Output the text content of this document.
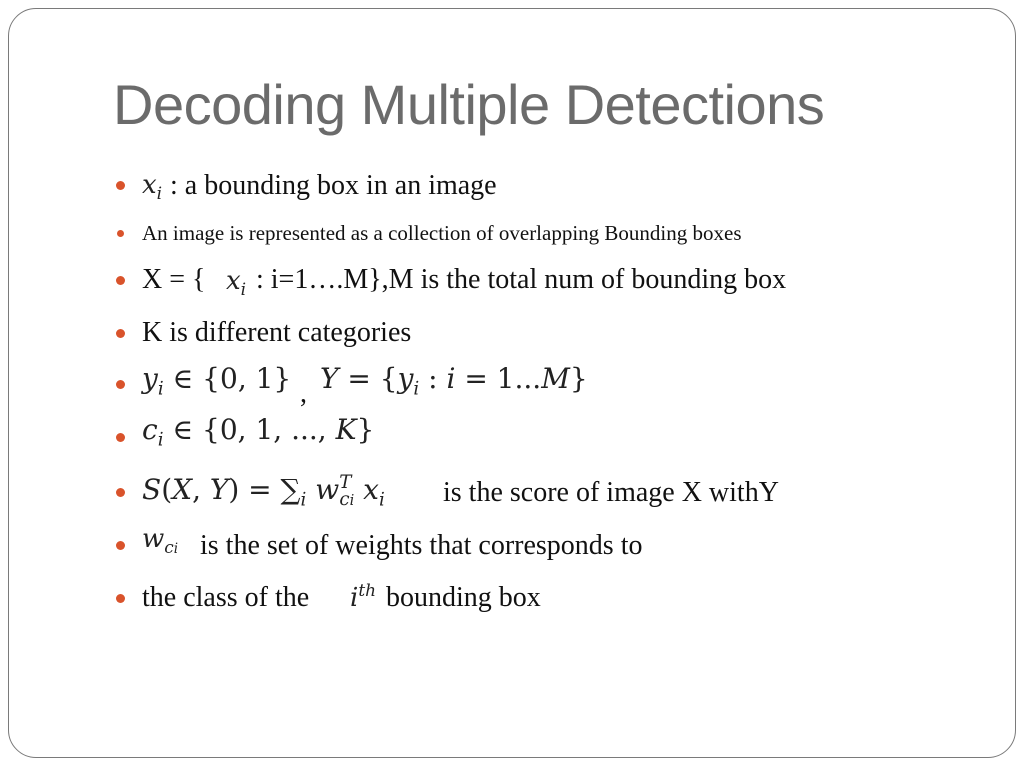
Decoding Multiple Detections
$x_i$ : a bounding box in an image
An image is represented as a collection of overlapping Bounding boxes
X = { $x_i$ : i=1….M},M is the total num of bounding box
K is different categories
$y_i$ ∈ {0, 1} , $Y = \{y_i$ : i = 1...M}
$c_i$ ∈ {0, 1, ..., K}
S(X, $Y) = \sum_i$ $w^T_{ci}$ $x_i$ is the score of image X withY
$w_{ci}$ is the set of weights that corresponds to
the class of the $i^{th}$ bounding box
